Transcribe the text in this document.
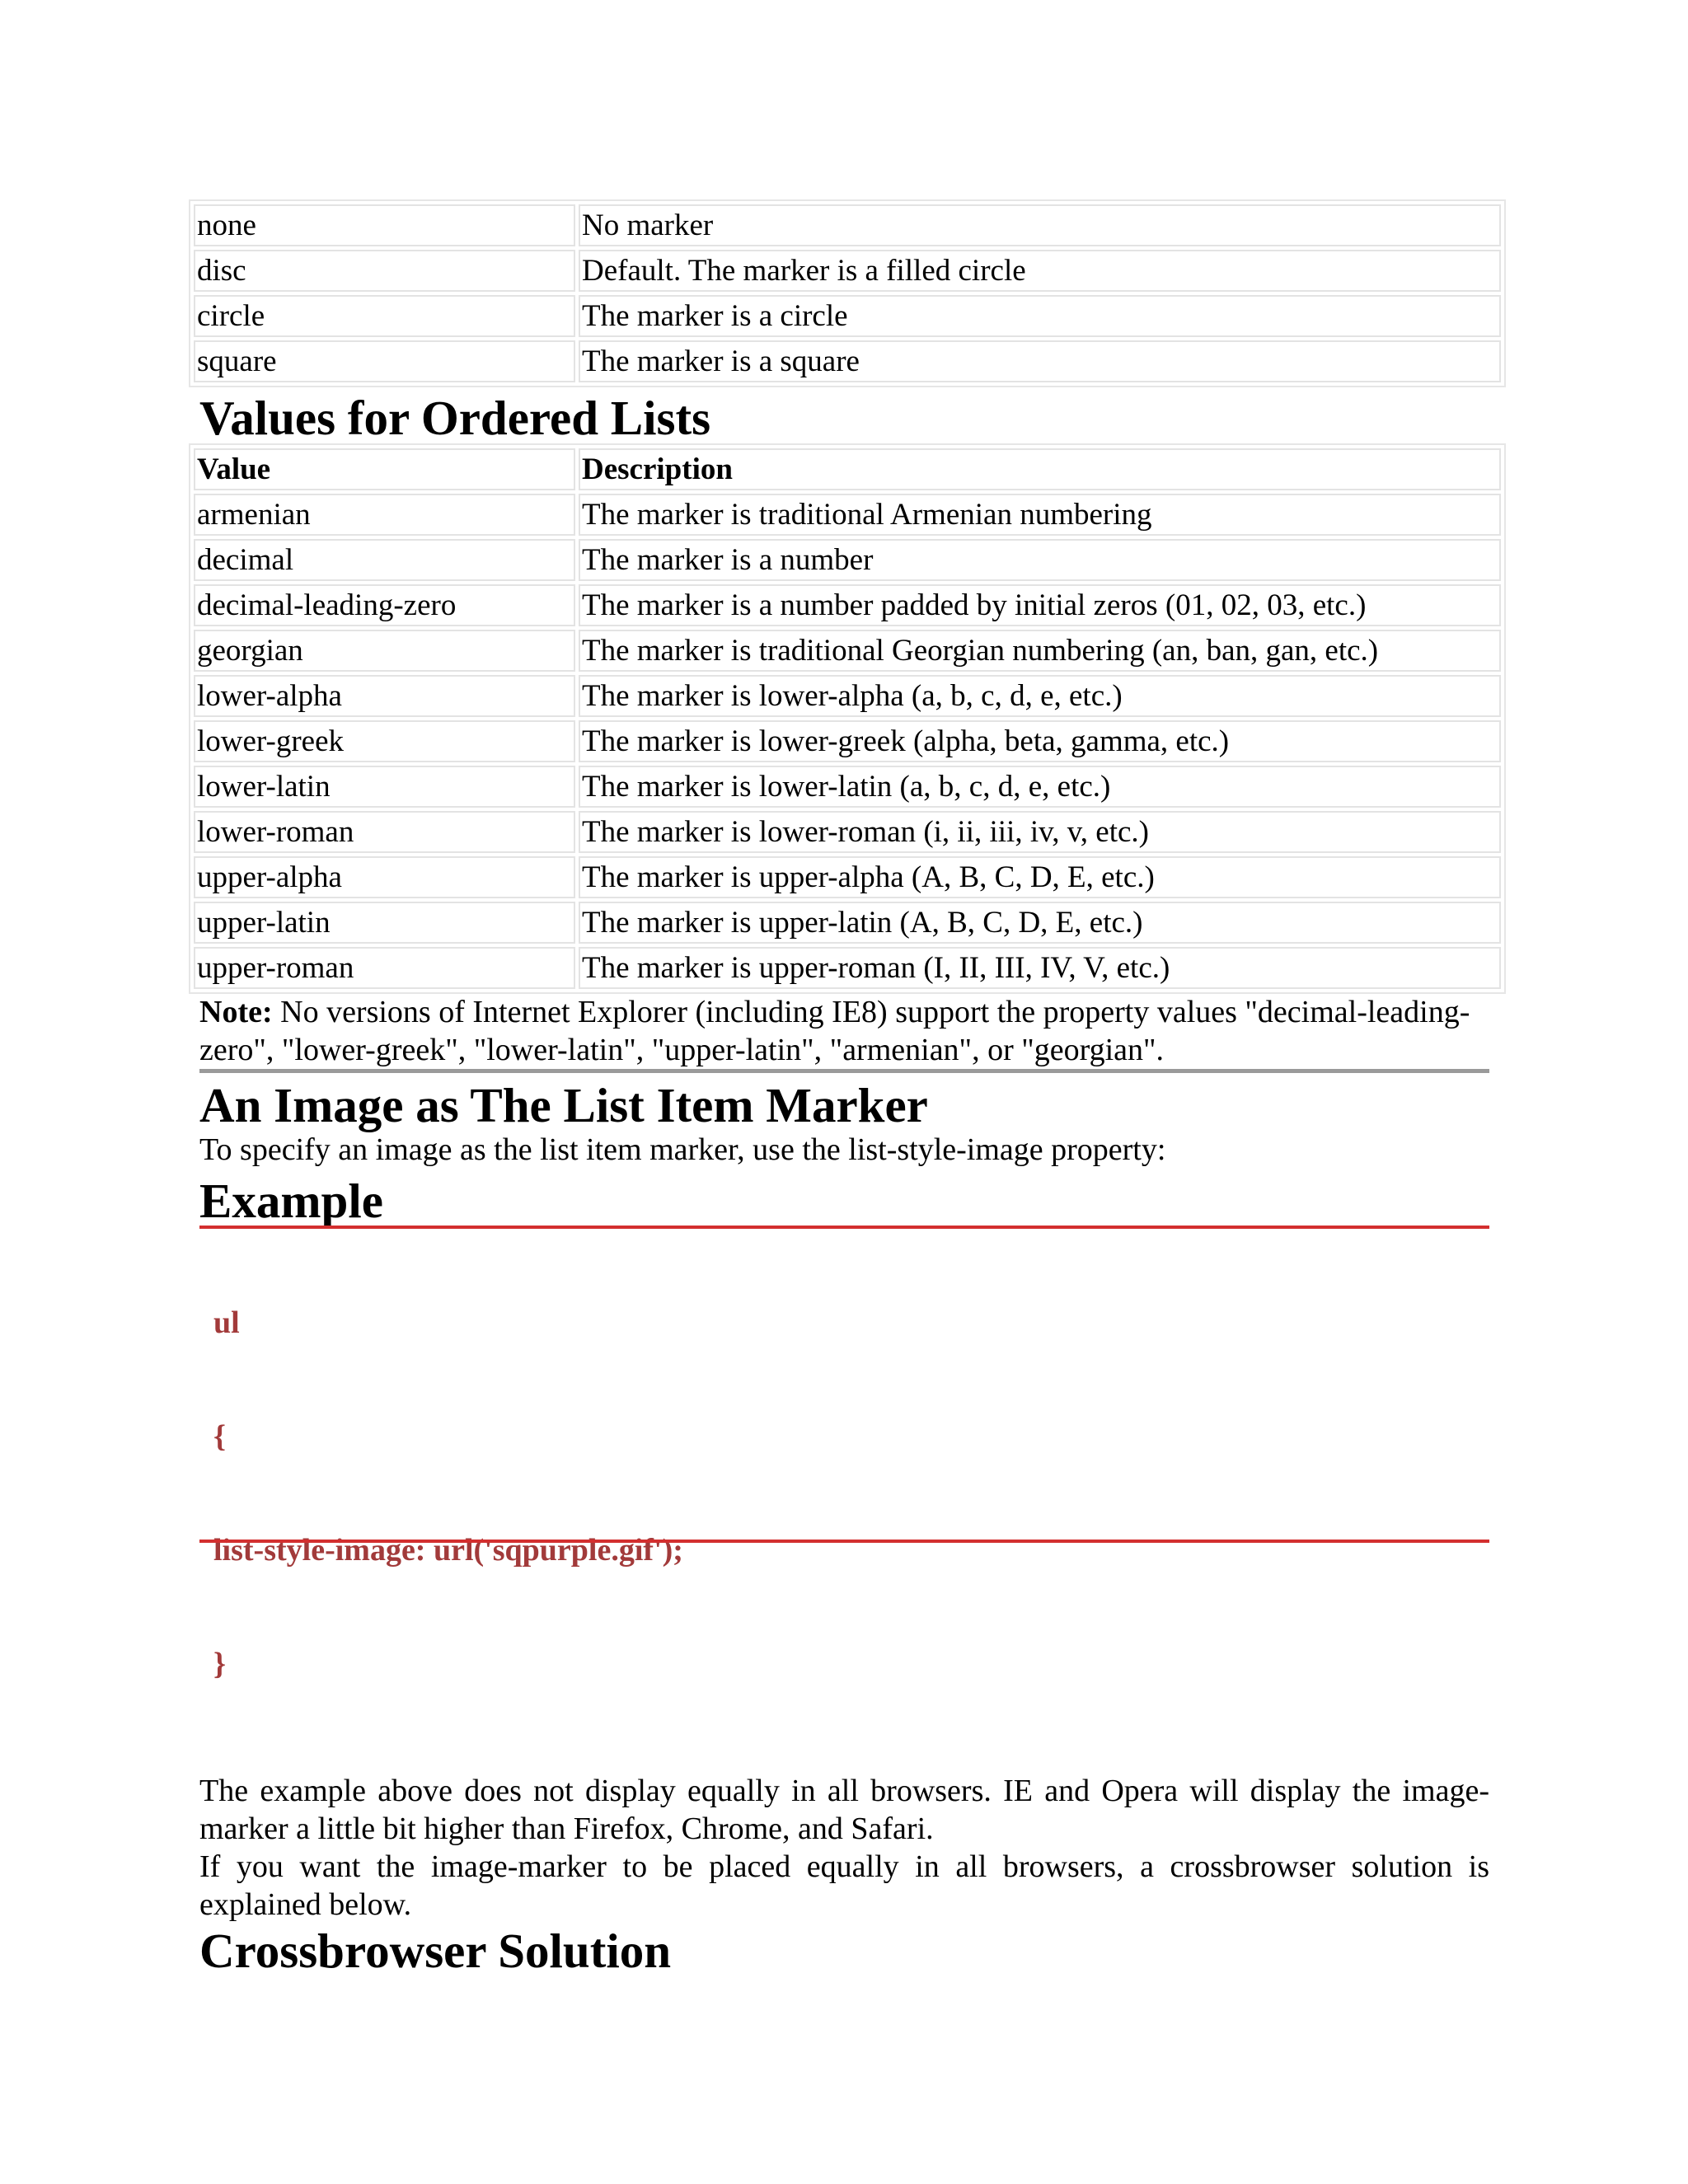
none	No marker
disc	Default. The marker is a filled circle
circle	The marker is a circle
square	The marker is a square
Values for Ordered Lists
Value	Description
armenian	The marker is traditional Armenian numbering
decimal	The marker is a number
decimal-leading-zero	The marker is a number padded by initial zeros (01, 02, 03, etc.)
georgian	The marker is traditional Georgian numbering (an, ban, gan, etc.)
lower-alpha	The marker is lower-alpha (a, b, c, d, e, etc.)
lower-greek	The marker is lower-greek (alpha, beta, gamma, etc.)
lower-latin	The marker is lower-latin (a, b, c, d, e, etc.)
lower-roman	The marker is lower-roman (i, ii, iii, iv, v, etc.)
upper-alpha	The marker is upper-alpha (A, B, C, D, E, etc.)
upper-latin	The marker is upper-latin (A, B, C, D, E, etc.)
upper-roman	The marker is upper-roman (I, II, III, IV, V, etc.)
Note: No versions of Internet Explorer (including IE8) support the property values "decimal-leading-zero", "lower-greek", "lower-latin", "upper-latin", "armenian", or "georgian".
An Image as The List Item Marker
To specify an image as the list item marker, use the list-style-image property:
Example

ul

{

list-style-image: url('sqpurple.gif');

}

The example above does not display equally in all browsers. IE and Opera will display the image-marker a little bit higher than Firefox, Chrome, and Safari.
If you want the image-marker to be placed equally in all browsers, a crossbrowser solution is explained below.
Crossbrowser Solution
